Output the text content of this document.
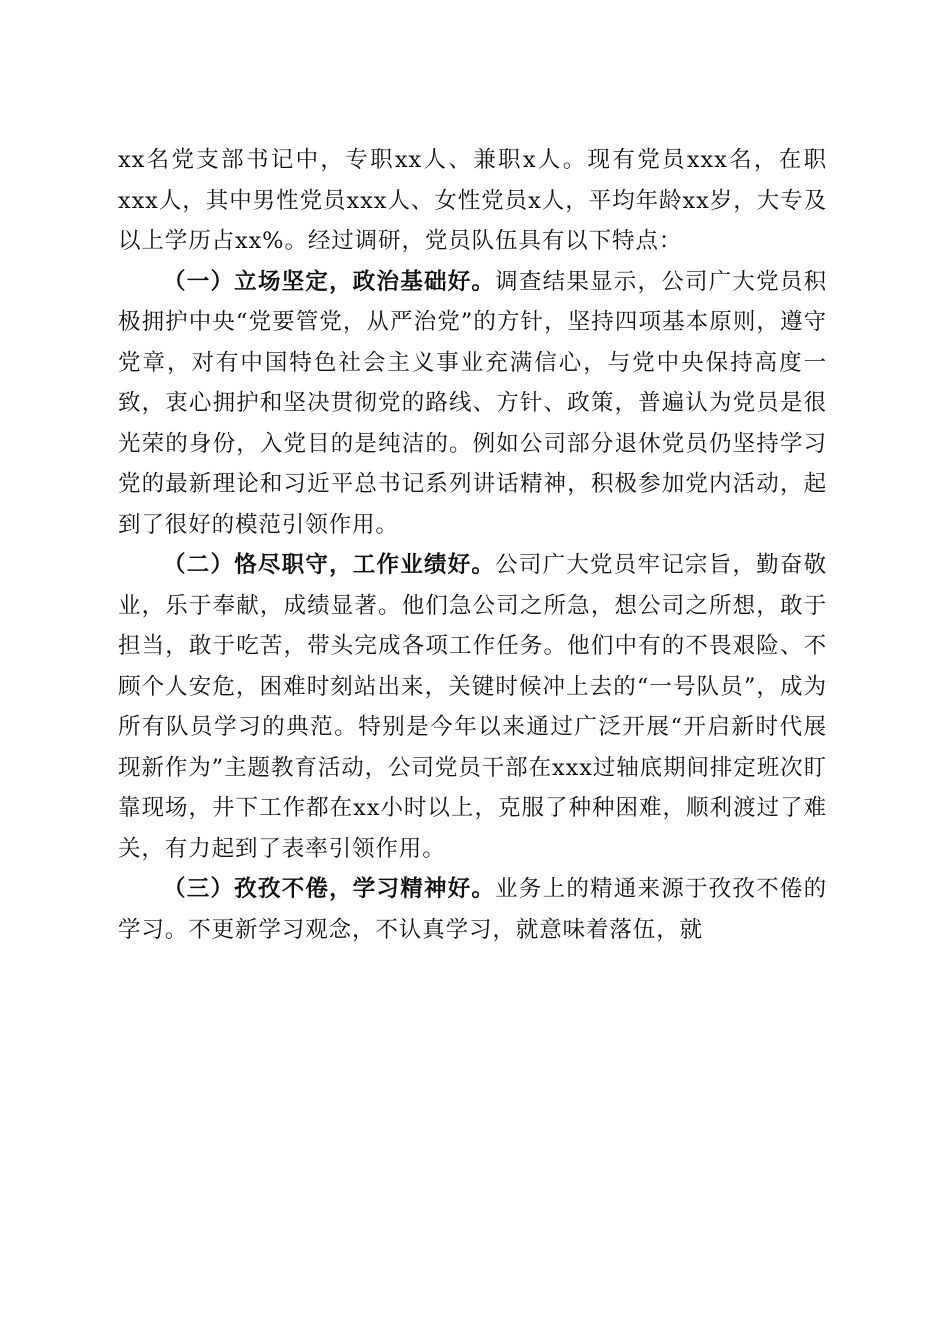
xx名党支部书记中，专职xx人、兼职x人。现有党员xxx名，在职xxx人，其中男性党员xxx人、女性党员x人，平均年龄xx岁，大专及以上学历占xx%。经过调研，党员队伍具有以下特点：

（一）立场坚定，政治基础好。调查结果显示，公司广大党员积极拥护中央“党要管党，从严治党”的方针，坚持四项基本原则，遵守党章，对有中国特色社会主义事业充满信心，与党中央保持高度一致，衷心拥护和坚决贯彻党的路线、方针、政策，普遍认为党员是很光荣的身份，入党目的是纯洁的。例如公司部分退休党员仍坚持学习党的最新理论和习近平总书记系列讲话精神，积极参加党内活动，起到了很好的模范引领作用。

（二）恪尽职守，工作业绩好。公司广大党员牢记宗旨，勤奋敬业，乐于奉献，成绩显著。他们急公司之所急，想公司之所想，敢于担当，敢于吃苦，带头完成各项工作任务。他们中有的不畏艰险、不顾个人安危，困难时刻站出来，关键时候冲上去的“一号队员”，成为所有队员学习的典范。特别是今年以来通过广泛开展“开启新时代展现新作为”主题教育活动，公司党员干部在xxx过轴底期间排定班次盯靠现场，井下工作都在xx小时以上，克服了种种困难，顺利渡过了难关，有力起到了表率引领作用。

（三）孜孜不倦，学习精神好。业务上的精通来源于孜孜不倦的学习。不更新学习观念，不认真学习，就意味着落伍，就
